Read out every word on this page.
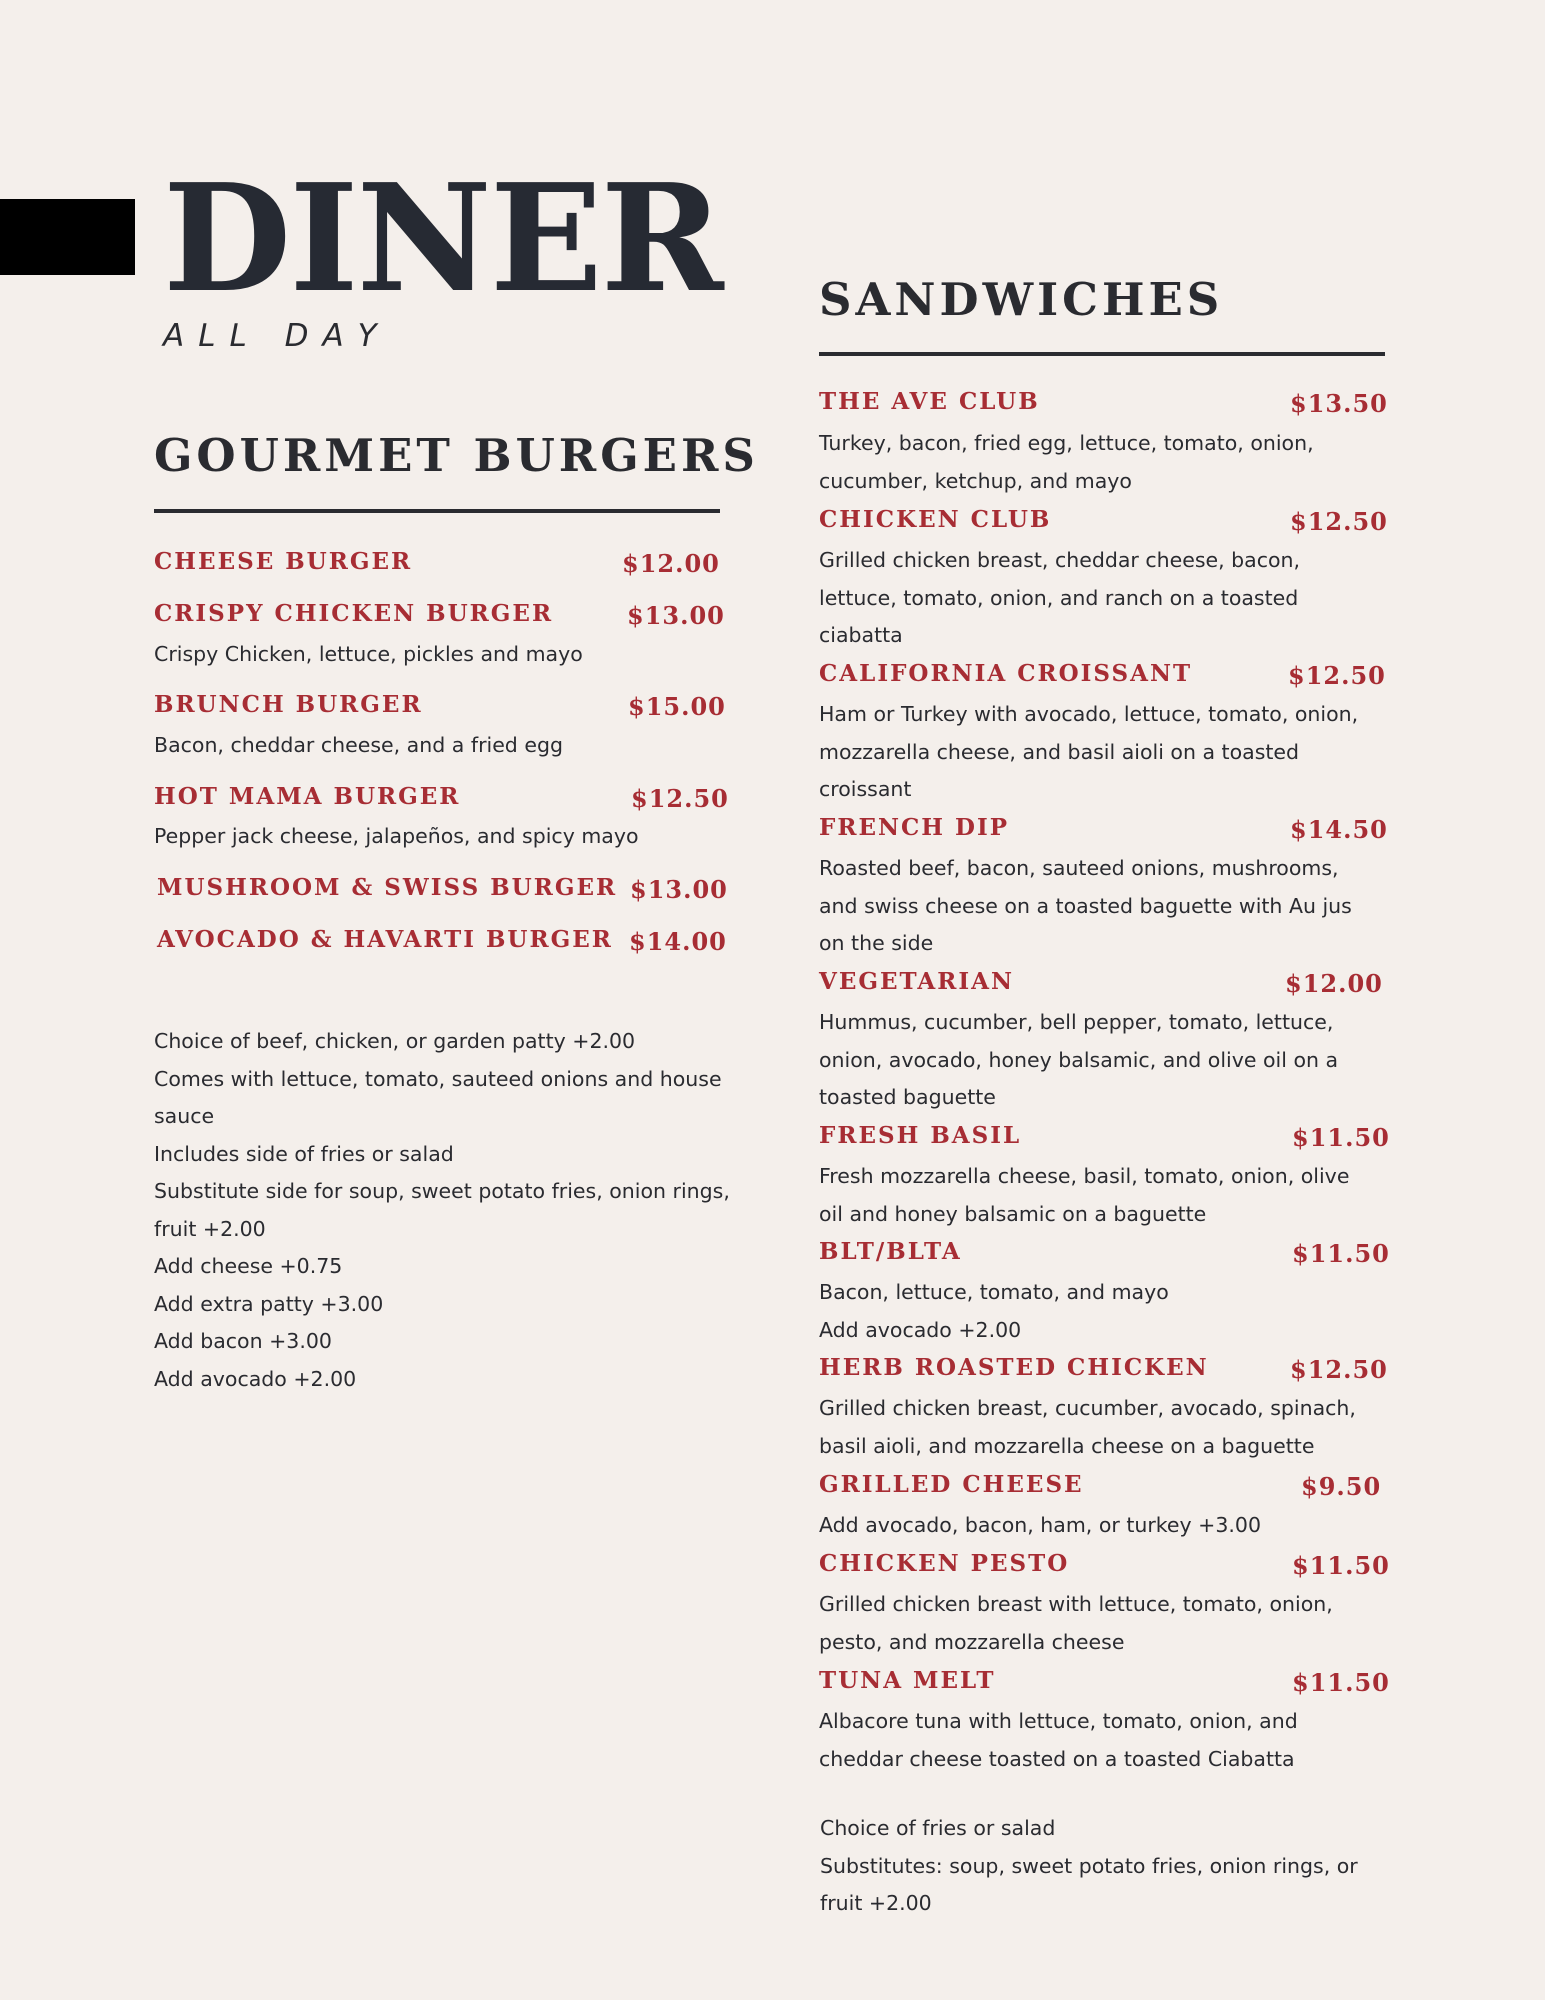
DINER
ALL DAY
GOURMET BURGERS
CHEESE BURGER	$12.00
CRISPY CHICKEN BURGER	$13.00
Crispy Chicken, lettuce, pickles and mayo
BRUNCH BURGER	$15.00
Bacon, cheddar cheese, and a fried egg
HOT MAMA BURGER	$12.50
Pepper jack cheese, jalapeños, and spicy mayo
MUSHROOM & SWISS BURGER $13.00
AVOCADO & HAVARTI BURGER $14.00
Choice of beef, chicken, or garden patty +2.00
Comes with lettuce, tomato, sauteed onions and house sauce
Includes side of fries or salad
Substitute side for soup, sweet potato fries, onion rings, fruit +2.00
Add cheese +0.75
Add extra patty +3.00
Add bacon +3.00
Add avocado +2.00
SANDWICHES
THE AVE CLUB	$13.50
Turkey, bacon, fried egg, lettuce, tomato, onion, cucumber, ketchup, and mayo
CHICKEN CLUB	$12.50
Grilled chicken breast, cheddar cheese, bacon, lettuce, tomato, onion, and ranch on a toasted ciabatta
CALIFORNIA CROISSANT	$12.50
Ham or Turkey with avocado, lettuce, tomato, onion, mozzarella cheese, and basil aioli on a toasted croissant
FRENCH DIP	$14.50
Roasted beef, bacon, sauteed onions, mushrooms, and swiss cheese on a toasted baguette with Au jus on the side
VEGETARIAN	$12.00
Hummus, cucumber, bell pepper, tomato, lettuce, onion, avocado, honey balsamic, and olive oil on a toasted baguette
FRESH BASIL	$11.50
Fresh mozzarella cheese, basil, tomato, onion, olive oil and honey balsamic on a baguette
BLT/BLTA	$11.50
Bacon, lettuce, tomato, and mayo
Add avocado +2.00
HERB ROASTED CHICKEN	$12.50
Grilled chicken breast, cucumber, avocado, spinach, basil aioli, and mozzarella cheese on a baguette
GRILLED CHEESE	$9.50
Add avocado, bacon, ham, or turkey +3.00
CHICKEN PESTO	$11.50
Grilled chicken breast with lettuce, tomato, onion, pesto, and mozzarella cheese
TUNA MELT	$11.50
Albacore tuna with lettuce, tomato, onion, and cheddar cheese toasted on a toasted Ciabatta
Choice of fries or salad
Substitutes: soup, sweet potato fries, onion rings, or fruit +2.00
